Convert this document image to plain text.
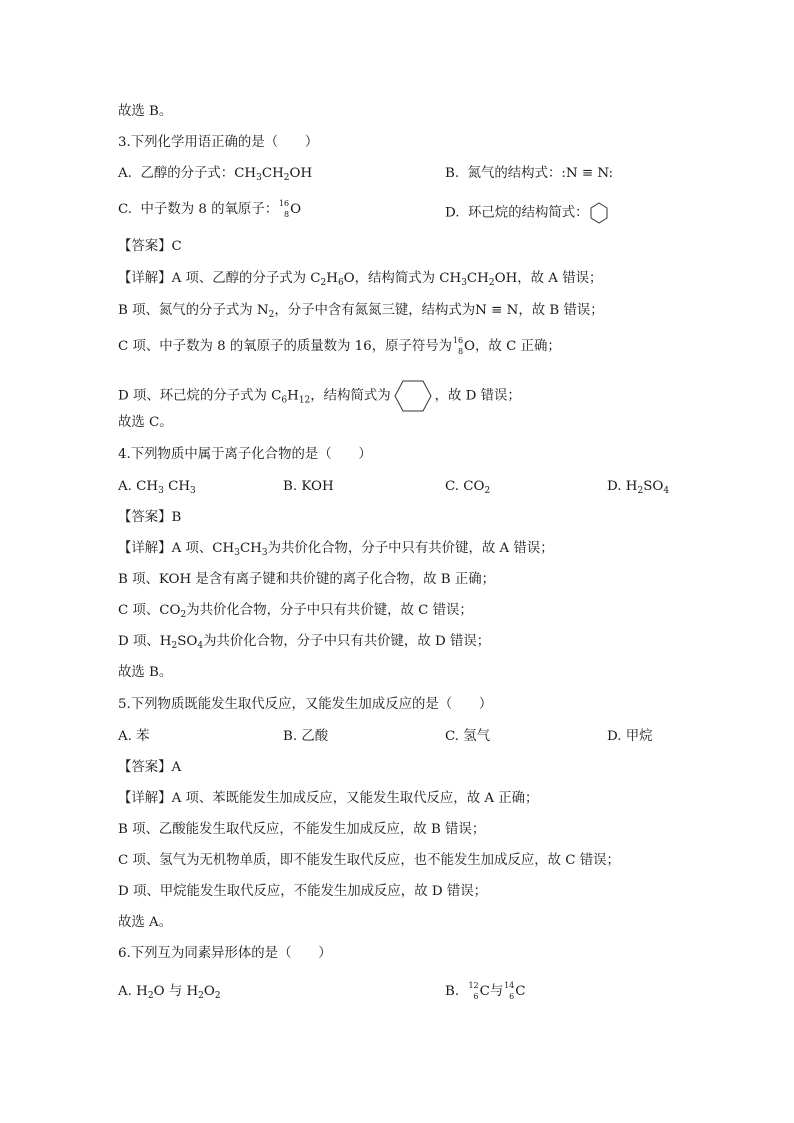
故选 B。
3.下列化学用语正确的是（　　）
A. 乙醇的分子式：$CH_3CH_2OH$	B. 氮气的结构式：:N ≡ N:
C. 中子数为 8 的氧原子： 16
8 O	D. 环己烷的结构简式：
【答案】C
【详解】A 项、乙醇的分子式为 $C_2H_6O$，结构简式为 $CH_3CH_2OH$，故 A 错误；
B 项、氮气的分子式为 $N_2$，分子中含有氮氮三键，结构式为N ≡ N，故 B 错误；
C 项、中子数为 8 的氧原子的质量数为 16，原子符号为 16
8 O，故 C 正确；
D 项、环己烷的分子式为 $C_6H_{12}$，结构简式为	，故 D 错误；
故选 C。
4.下列物质中属于离子化合物的是（　　）
A. $CH_3$ $CH_3$	B. KOH	C. $CO_2$	D. $H_2SO_4$
【答案】B
【详解】A 项、$CH_3CH_3$为共价化合物，分子中只有共价键，故 A 错误；
B 项、KOH 是含有离子键和共价键的离子化合物，故 B 正确；
C 项、$CO_2$为共价化合物，分子中只有共价键，故 C 错误；
D 项、$H_2SO_4$为共价化合物，分子中只有共价键，故 D 错误；
故选 B。
5.下列物质既能发生取代反应，又能发生加成反应的是（　　）
A. 苯	B. 乙酸	C. 氢气	D. 甲烷
【答案】A
【详解】A 项、苯既能发生加成反应，又能发生取代反应，故 A 正确；
B 项、乙酸能发生取代反应，不能发生加成反应，故 B 错误；
C 项、氢气为无机物单质，即不能发生取代反应，也不能发生加成反应，故 C 错误；
D 项、甲烷能发生取代反应，不能发生加成反应，故 D 错误；
故选 A。
6.下列互为同素异形体的是（　　）
A. $H_2O$ 与 $H_2O_2$	B. 12
6 C与 14
6 C
